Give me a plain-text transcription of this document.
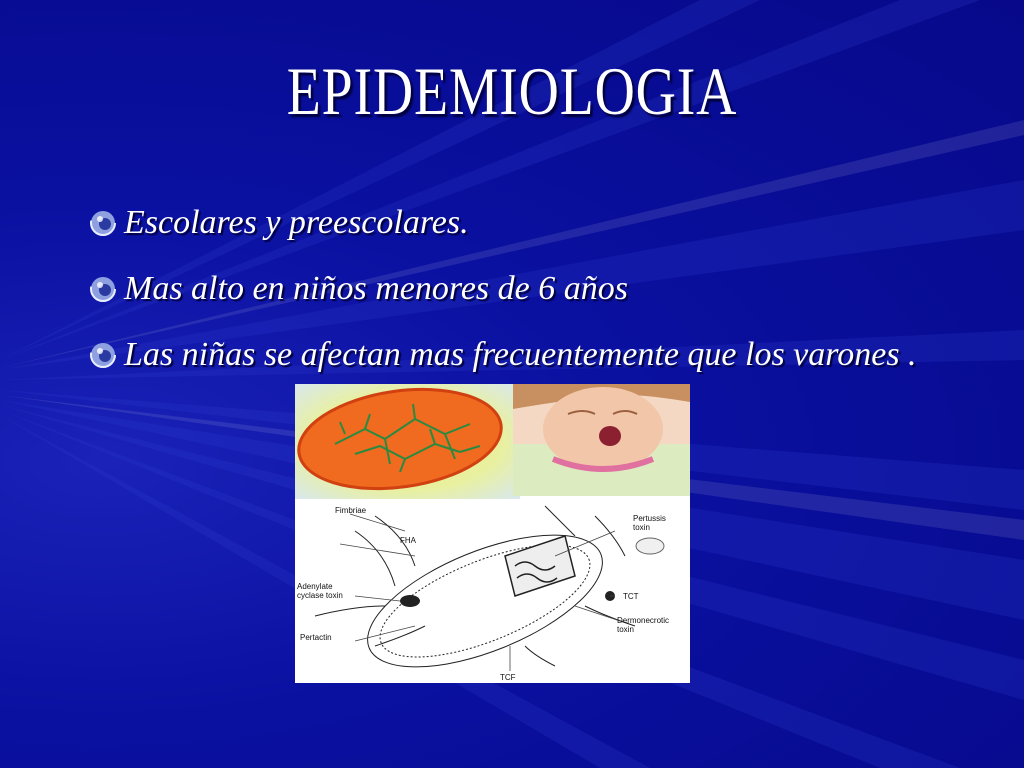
EPIDEMIOLOGIA
Escolares y preescolares.
Mas alto en niños menores de 6 años
Las niñas se afectan mas frecuentemente que los varones .
Fimbriae
FHA
Pertussis toxin
Adenylate cyclase toxin	TCT
Dermonecrotic toxin
Pertactin
TCF
